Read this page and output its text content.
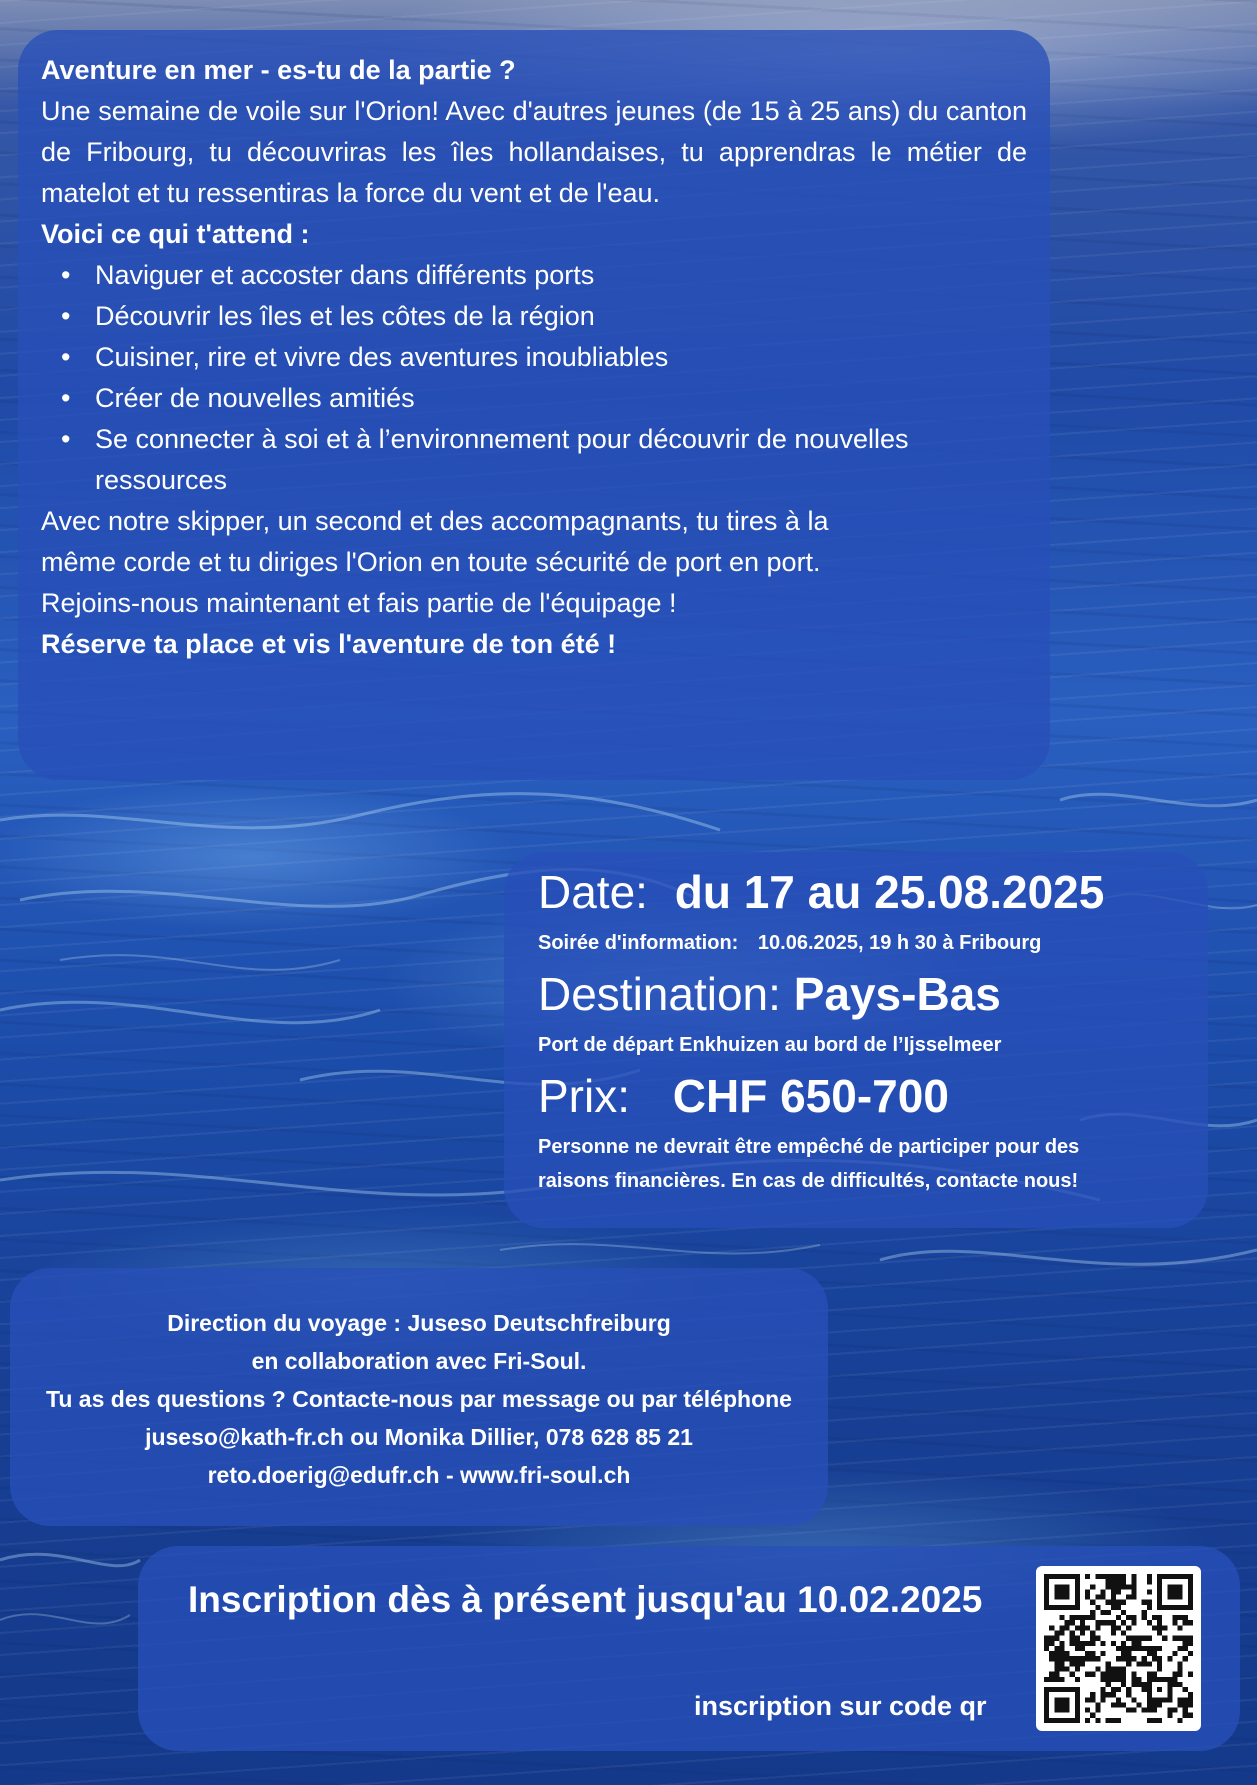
Aventure en mer - es-tu de la partie ?

Une semaine de voile sur l'Orion! Avec d'autres jeunes (de 15 à 25 ans) du canton de Fribourg, tu découvriras les îles hollandaises, tu apprendras le métier de matelot et tu ressentiras la force du vent et de l'eau.

Voici ce qui t'attend :

• Naviguer et accoster dans différents ports
• Découvrir les îles et les côtes de la région
• Cuisiner, rire et vivre des aventures inoubliables
• Créer de nouvelles amitiés
• Se connecter à soi et à l’environnement pour découvrir de nouvelles ressources

Avec notre skipper, un second et des accompagnants, tu tires à la

même corde et tu diriges l'Orion en toute sécurité de port en port.

Rejoins-nous maintenant et fais partie de l'équipage !

Réserve ta place et vis l'aventure de ton été !

Date: du 17 au 25.08.2025
Soirée d'information: 10.06.2025, 19 h 30 à Fribourg
Destination: Pays-Bas
Port de départ Enkhuizen au bord de l’Ijsselmeer
Prix: CHF 650-700
Personne ne devrait être empêché de participer pour des
raisons financières. En cas de difficultés, contacte nous!
Direction du voyage : Juseso Deutschfreiburg
en collaboration avec Fri-Soul.
Tu as des questions ? Contacte-nous par message ou par téléphone
juseso@kath-fr.ch ou Monika Dillier, 078 628 85 21
reto.doerig@edufr.ch - www.fri-soul.ch
Inscription dès à présent jusqu'au 10.02.2025
inscription sur code qr
